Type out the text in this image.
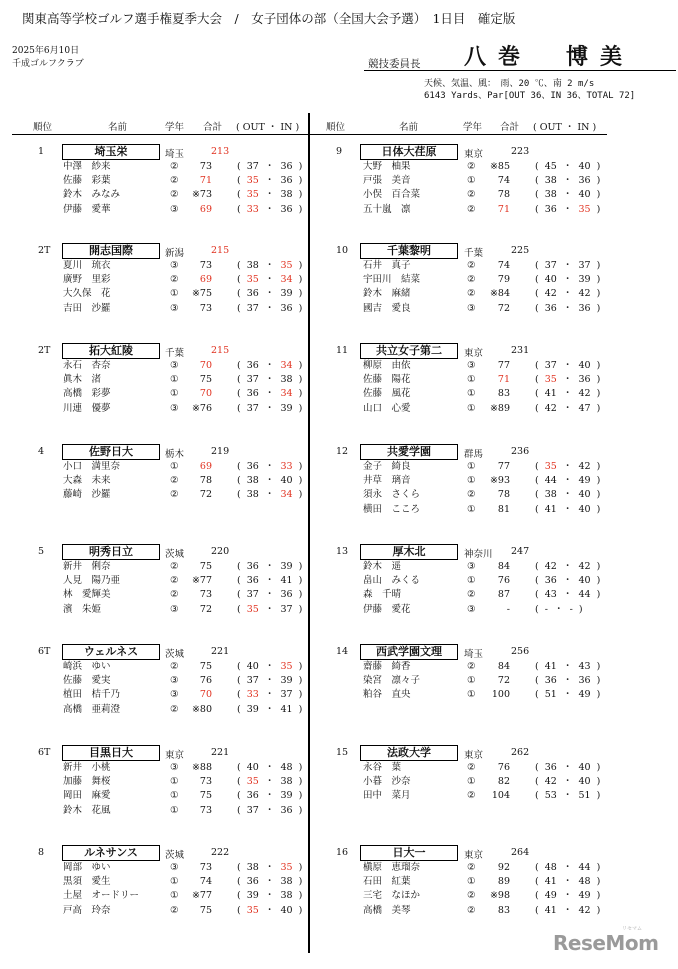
関東高等学校ゴルフ選手権夏季大会　/　女子団体の部（全国大会予選）　1日目　確定版
2025年6月10日
千成ゴルフクラブ	競技委員長 八巻　博美
天候、気温、風：　雨、20 ℃、南 2 m/s
6143 Yards、Par[OUT 36、IN 36、TOTAL 72]
順位	名前	学年 合計 ( OUT ・ IN )	順位	名前	学年 合計 ( OUT ・ IN )
1	埼玉栄	埼玉	213
中澤　紗来	②	73	(  37  ・  36  )
佐藤　彩葉	②	71	(  35  ・  36  )
鈴木　みなみ	②	※73	(  35  ・  38  )
伊藤　愛華	③	69	(  33  ・  36  )
2T	開志国際	新潟	215
夏川　琉衣	③	73	(  38  ・  35  )
廣野　里彩	②	69	(  35  ・  34  )
大久保　花	①	※75	(  36  ・  39  )
吉田　沙羅	③	73	(  37  ・  36  )
2T	拓大紅陵	千葉	215
永石　杏奈	③	70	(  36  ・  34  )
眞木　渚	①	75	(  37  ・  38  )
高橋　彩夢	①	70	(  36  ・  34  )
川連　優夢	③	※76	(  37  ・  39  )
4	佐野日大	栃木	219
小口　満里奈	①	69	(  36  ・  33  )
大森　未来	②	78	(  38  ・  40  )
藤崎　沙羅	②	72	(  38  ・  34  )
5	明秀日立	茨城	220
新井　俐奈	②	75	(  36  ・  39  )
人見　陽乃亜	②	※77	(  36  ・  41  )
林　愛輝美	②	73	(  37  ・  36  )
濱　朱姫	③	72	(  35  ・  37  )
6T	ウェルネス	茨城	221
崎浜　ゆい	②	75	(  40  ・  35  )
佐藤　愛実	③	76	(  37  ・  39  )
植田　桔千乃	③	70	(  33  ・  37  )
高橋　亜莉澄	②	※80	(  39  ・  41  )
6T	目黒日大	東京	221
新井　小桃	③	※88	(  40  ・  48  )
加藤　舞桜	①	73	(  35  ・  38  )
岡田　麻愛	①	75	(  36  ・  39  )
鈴木　花風	①	73	(  37  ・  36  )
8	ルネサンス	茨城	222
岡部　ゆい	③	73	(  38  ・  35  )
黒須　愛生	①	74	(  36  ・  38  )
土屋　オードリー	①	※77	(  39  ・  38  )
戸高　玲奈	②	75	(  35  ・  40  )
9	日体大荏原	東京	223
大野　柚果	②	※85	(  45  ・  40  )
戸張　美音	①	74	(  38  ・  36  )
小俣　百合菜	②	78	(  38  ・  40  )
五十嵐　凛	②	71	(  36  ・  35  )
10	千葉黎明	千葉	225
石井　真子	②	74	(  37  ・  37  )
宇田川　結菜	②	79	(  40  ・  39  )
鈴木　麻緒	②	※84	(  42  ・  42  )
國吉　愛良	③	72	(  36  ・  36  )
11	共立女子第二	東京	231
柳原　由依	③	77	(  37  ・  40  )
佐藤　陽花	①	71	(  35  ・  36  )
佐藤　風花	①	83	(  41  ・  42  )
山口　心愛	①	※89	(  42  ・  47  )
12	共愛学園	群馬	236
金子　綺良	①	77	(  35  ・  42  )
井草　璃音	①	※93	(  44  ・  49  )
須永　さくら	②	78	(  38  ・  40  )
横田　こころ	①	81	(  41  ・  40  )
13	厚木北	神奈川 247
鈴木　遥	③	84	(  42  ・  42  )
畠山　みくる	①	76	(  36  ・  40  )
森　千晴	②	87	(  43  ・  44  )
伊藤　愛花	③	-	(  -  ・  -  )
14	西武学園文理	埼玉	256
齋藤　綺香	②	84	(  41  ・  43  )
染宮　凛々子	①	72	(  36  ・  36  )
粕谷　直央	①	100	(  51  ・  49  )
15	法政大学	東京	262
永谷　葉	②	76	(  36  ・  40  )
小暮　沙奈	①	82	(  42  ・  40  )
田中　菜月	②	104	(  53  ・  51  )
16	日大一	東京	264
槇原　恵瑠奈	②	92	(  48  ・  44  )
石田　紅葉	①	89	(  41  ・  48  )
三宅　なほか	②	※98	(  49  ・  49  )
高橋　美琴	②	83	(  41  ・  42  )
ReseMom
リセマム
